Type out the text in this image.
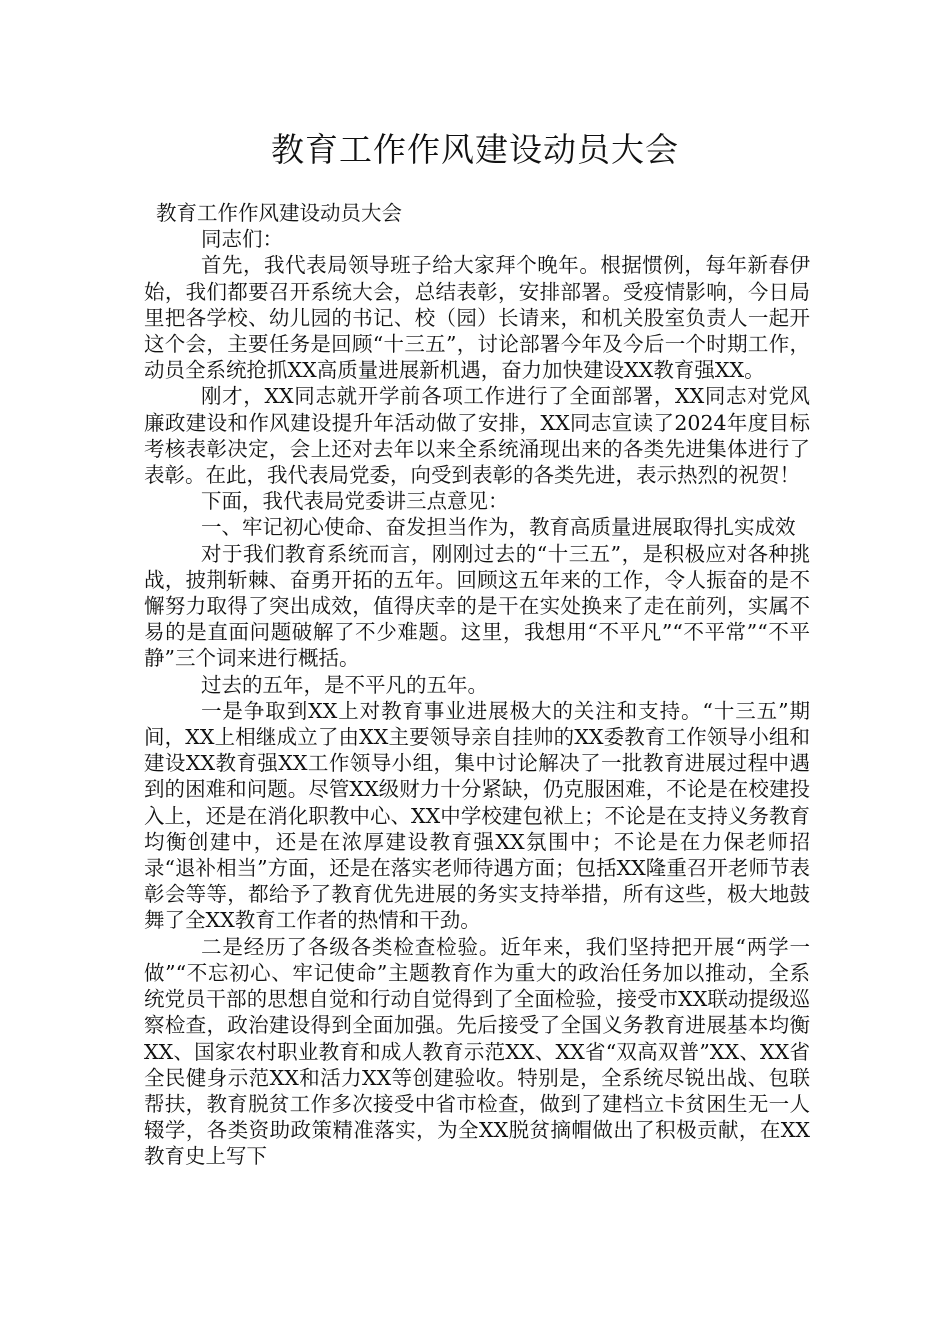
教育工作作风建设动员大会

教育工作作风建设动员大会

同志们：

首先，我代表局领导班子给大家拜个晚年。根据惯例，每年新春伊始，我们都要召开系统大会，总结表彰，安排部署。受疫情影响，今日局里把各学校、幼儿园的书记、校（园）长请来，和机关股室负责人一起开这个会，主要任务是回顾“十三五”，讨论部署今年及今后一个时期工作，动员全系统抢抓XX高质量进展新机遇，奋力加快建设XX教育强XX。

刚才，XX同志就开学前各项工作进行了全面部署，XX同志对党风廉政建设和作风建设提升年活动做了安排，XX同志宣读了2024年度目标考核表彰决定，会上还对去年以来全系统涌现出来的各类先进集体进行了表彰。在此，我代表局党委，向受到表彰的各类先进，表示热烈的祝贺！

下面，我代表局党委讲三点意见：

一、牢记初心使命、奋发担当作为，教育高质量进展取得扎实成效

对于我们教育系统而言，刚刚过去的“十三五”，是积极应对各种挑战，披荆斩棘、奋勇开拓的五年。回顾这五年来的工作，令人振奋的是不懈努力取得了突出成效，值得庆幸的是干在实处换来了走在前列，实属不易的是直面问题破解了不少难题。这里，我想用“不平凡”“不平常”“不平静”三个词来进行概括。

过去的五年，是不平凡的五年。

一是争取到XX上对教育事业进展极大的关注和支持。“十三五”期间，XX上相继成立了由XX主要领导亲自挂帅的XX委教育工作领导小组和建设XX教育强XX工作领导小组，集中讨论解决了一批教育进展过程中遇到的困难和问题。尽管XX级财力十分紧缺，仍克服困难，不论是在校建投入上，还是在消化职教中心、XX中学校建包袱上；不论是在支持义务教育均衡创建中，还是在浓厚建设教育强XX氛围中；不论是在力保老师招录“退补相当”方面，还是在落实老师待遇方面；包括XX隆重召开老师节表彰会等等，都给予了教育优先进展的务实支持举措，所有这些，极大地鼓舞了全XX教育工作者的热情和干劲。

二是经历了各级各类检查检验。近年来，我们坚持把开展“两学一做”“不忘初心、牢记使命”主题教育作为重大的政治任务加以推动，全系统党员干部的思想自觉和行动自觉得到了全面检验，接受市XX联动提级巡察检查，政治建设得到全面加强。先后接受了全国义务教育进展基本均衡XX、国家农村职业教育和成人教育示范XX、XX省“双高双普”XX、XX省全民健身示范XX和活力XX等创建验收。特别是，全系统尽锐出战、包联帮扶，教育脱贫工作多次接受中省市检查，做到了建档立卡贫困生无一人辍学，各类资助政策精准落实，为全XX脱贫摘帽做出了积极贡献，在XX教育史上写下
